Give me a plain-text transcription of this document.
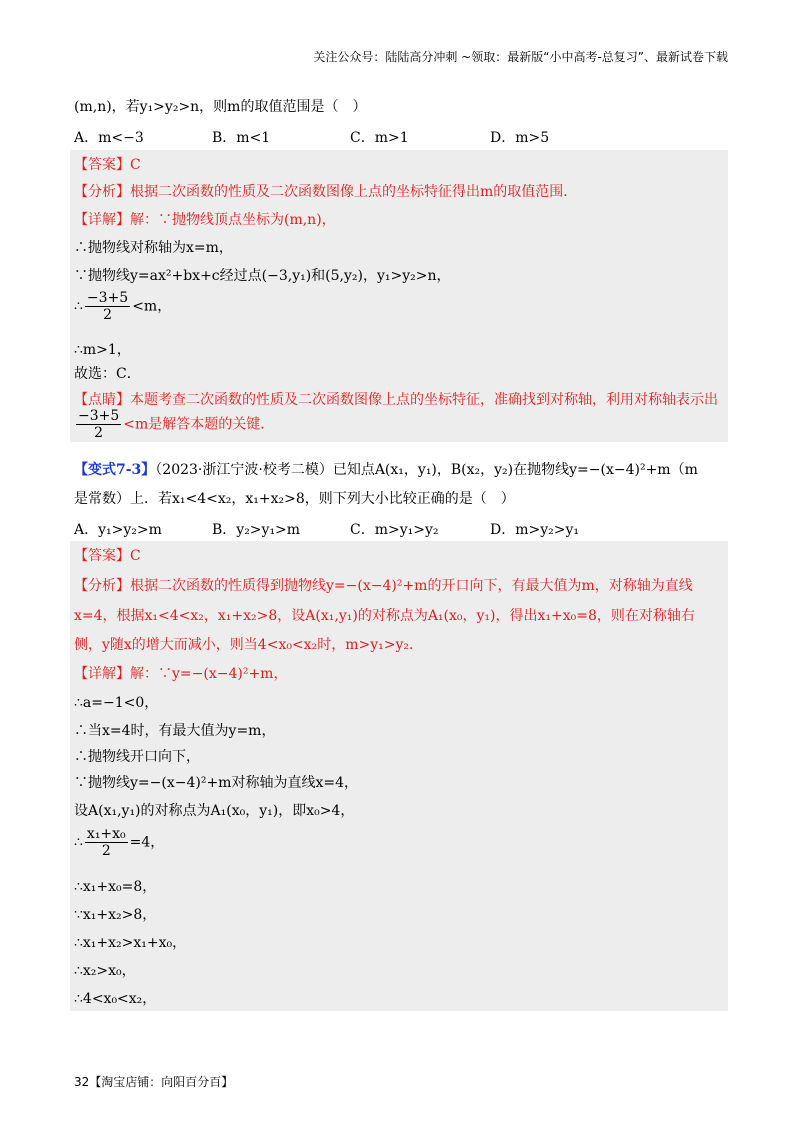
关注公众号：陆陆高分冲刺 ~领取：最新版“小中高考-总复习”、最新试卷下载
(m,n)，若y₁>y₂>n，则m的取值范围是（　）
A．m<−3	B．m<1	C．m>1	D．m>5
【答案】C
【分析】根据二次函数的性质及二次函数图像上点的坐标特征得出m的取值范围．
【详解】解：∵抛物线顶点坐标为(m,n)，
∴抛物线对称轴为x=m，
∵抛物线y=ax²+bx+c经过点(−3,y₁)和(5,y₂)，y₁>y₂>n，
∴ $\frac{-3+5}{2} <m$，
∴m>1，
故选：C．
【点睛】本题考查二次函数的性质及二次函数图像上点的坐标特征，准确找到对称轴，利用对称轴表示出
$\frac{-3+5}{2} <m$是解答本题的关键．
【变式7-3】（2023·浙江宁波·校考二模）已知点A(x₁，y₁)，B(x₂，y₂)在抛物线y=−(x−4)²+m（m
是常数）上．若x₁<4<x₂，x₁+x₂>8，则下列大小比较正确的是（　）
A．y₁>y₂>m	B．y₂>y₁>m	C．m>y₁>y₂	D．m>y₂>y₁
【答案】C
【分析】根据二次函数的性质得到抛物线y=−(x−4)²+m的开口向下，有最大值为m，对称轴为直线
x=4，根据x₁<4<x₂，x₁+x₂>8，设A(x₁,y₁)的对称点为A₁(x₀，y₁)，得出x₁+x₀=8，则在对称轴右
侧，y随x的增大而减小，则当4<x₀<x₂时，m>y₁>y₂．
【详解】解：∵y=−(x−4)²+m，
∴a=−1<0，
∴当x=4时，有最大值为y=m，
∴抛物线开口向下，
∵抛物线y=−(x−4)²+m对称轴为直线x=4，
设A(x₁,y₁)的对称点为A₁(x₀，y₁)，即x₀>4，
∴ $\frac{\text{x₁+x₀}}{2} =4$，
∴x₁+x₀=8，
∵x₁+x₂>8，
∴x₁+x₂>x₁+x₀，
∴x₂>x₀，
∴4<x₀<x₂，
32【淘宝店铺：向阳百分百】
